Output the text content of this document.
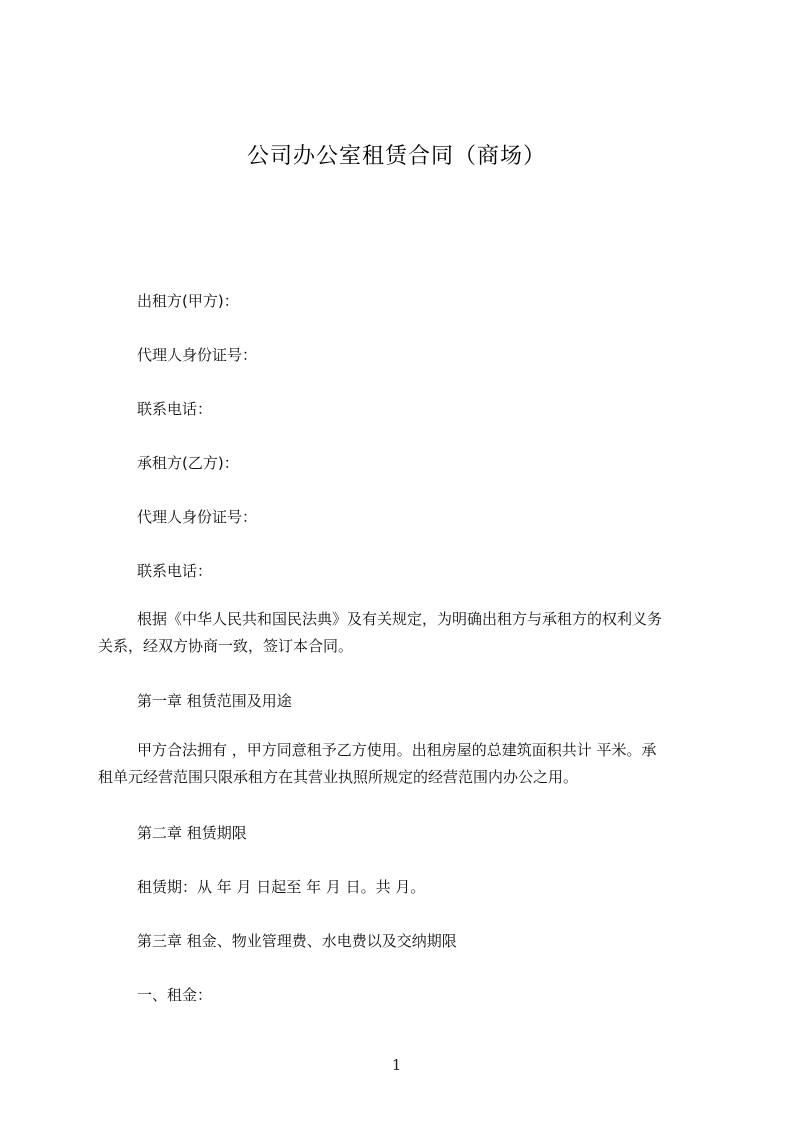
公司办公室租赁合同（商场）
出租方(甲方)：
代理人身份证号：
联系电话：
承租方(乙方)：
代理人身份证号：
联系电话：
根据《中华人民共和国民法典》及有关规定，为明确出租方与承租方的权利义务
关系，经双方协商一致，签订本合同。
第一章 租赁范围及用途
甲方合法拥有 ，甲方同意租予乙方使用。出租房屋的总建筑面积共计 平米。承
租单元经营范围只限承租方在其营业执照所规定的经营范围内办公之用。
第二章 租赁期限
租赁期：从 年 月 日起至 年 月 日。共 月。
第三章 租金、物业管理费、水电费以及交纳期限
一、租金：
1
